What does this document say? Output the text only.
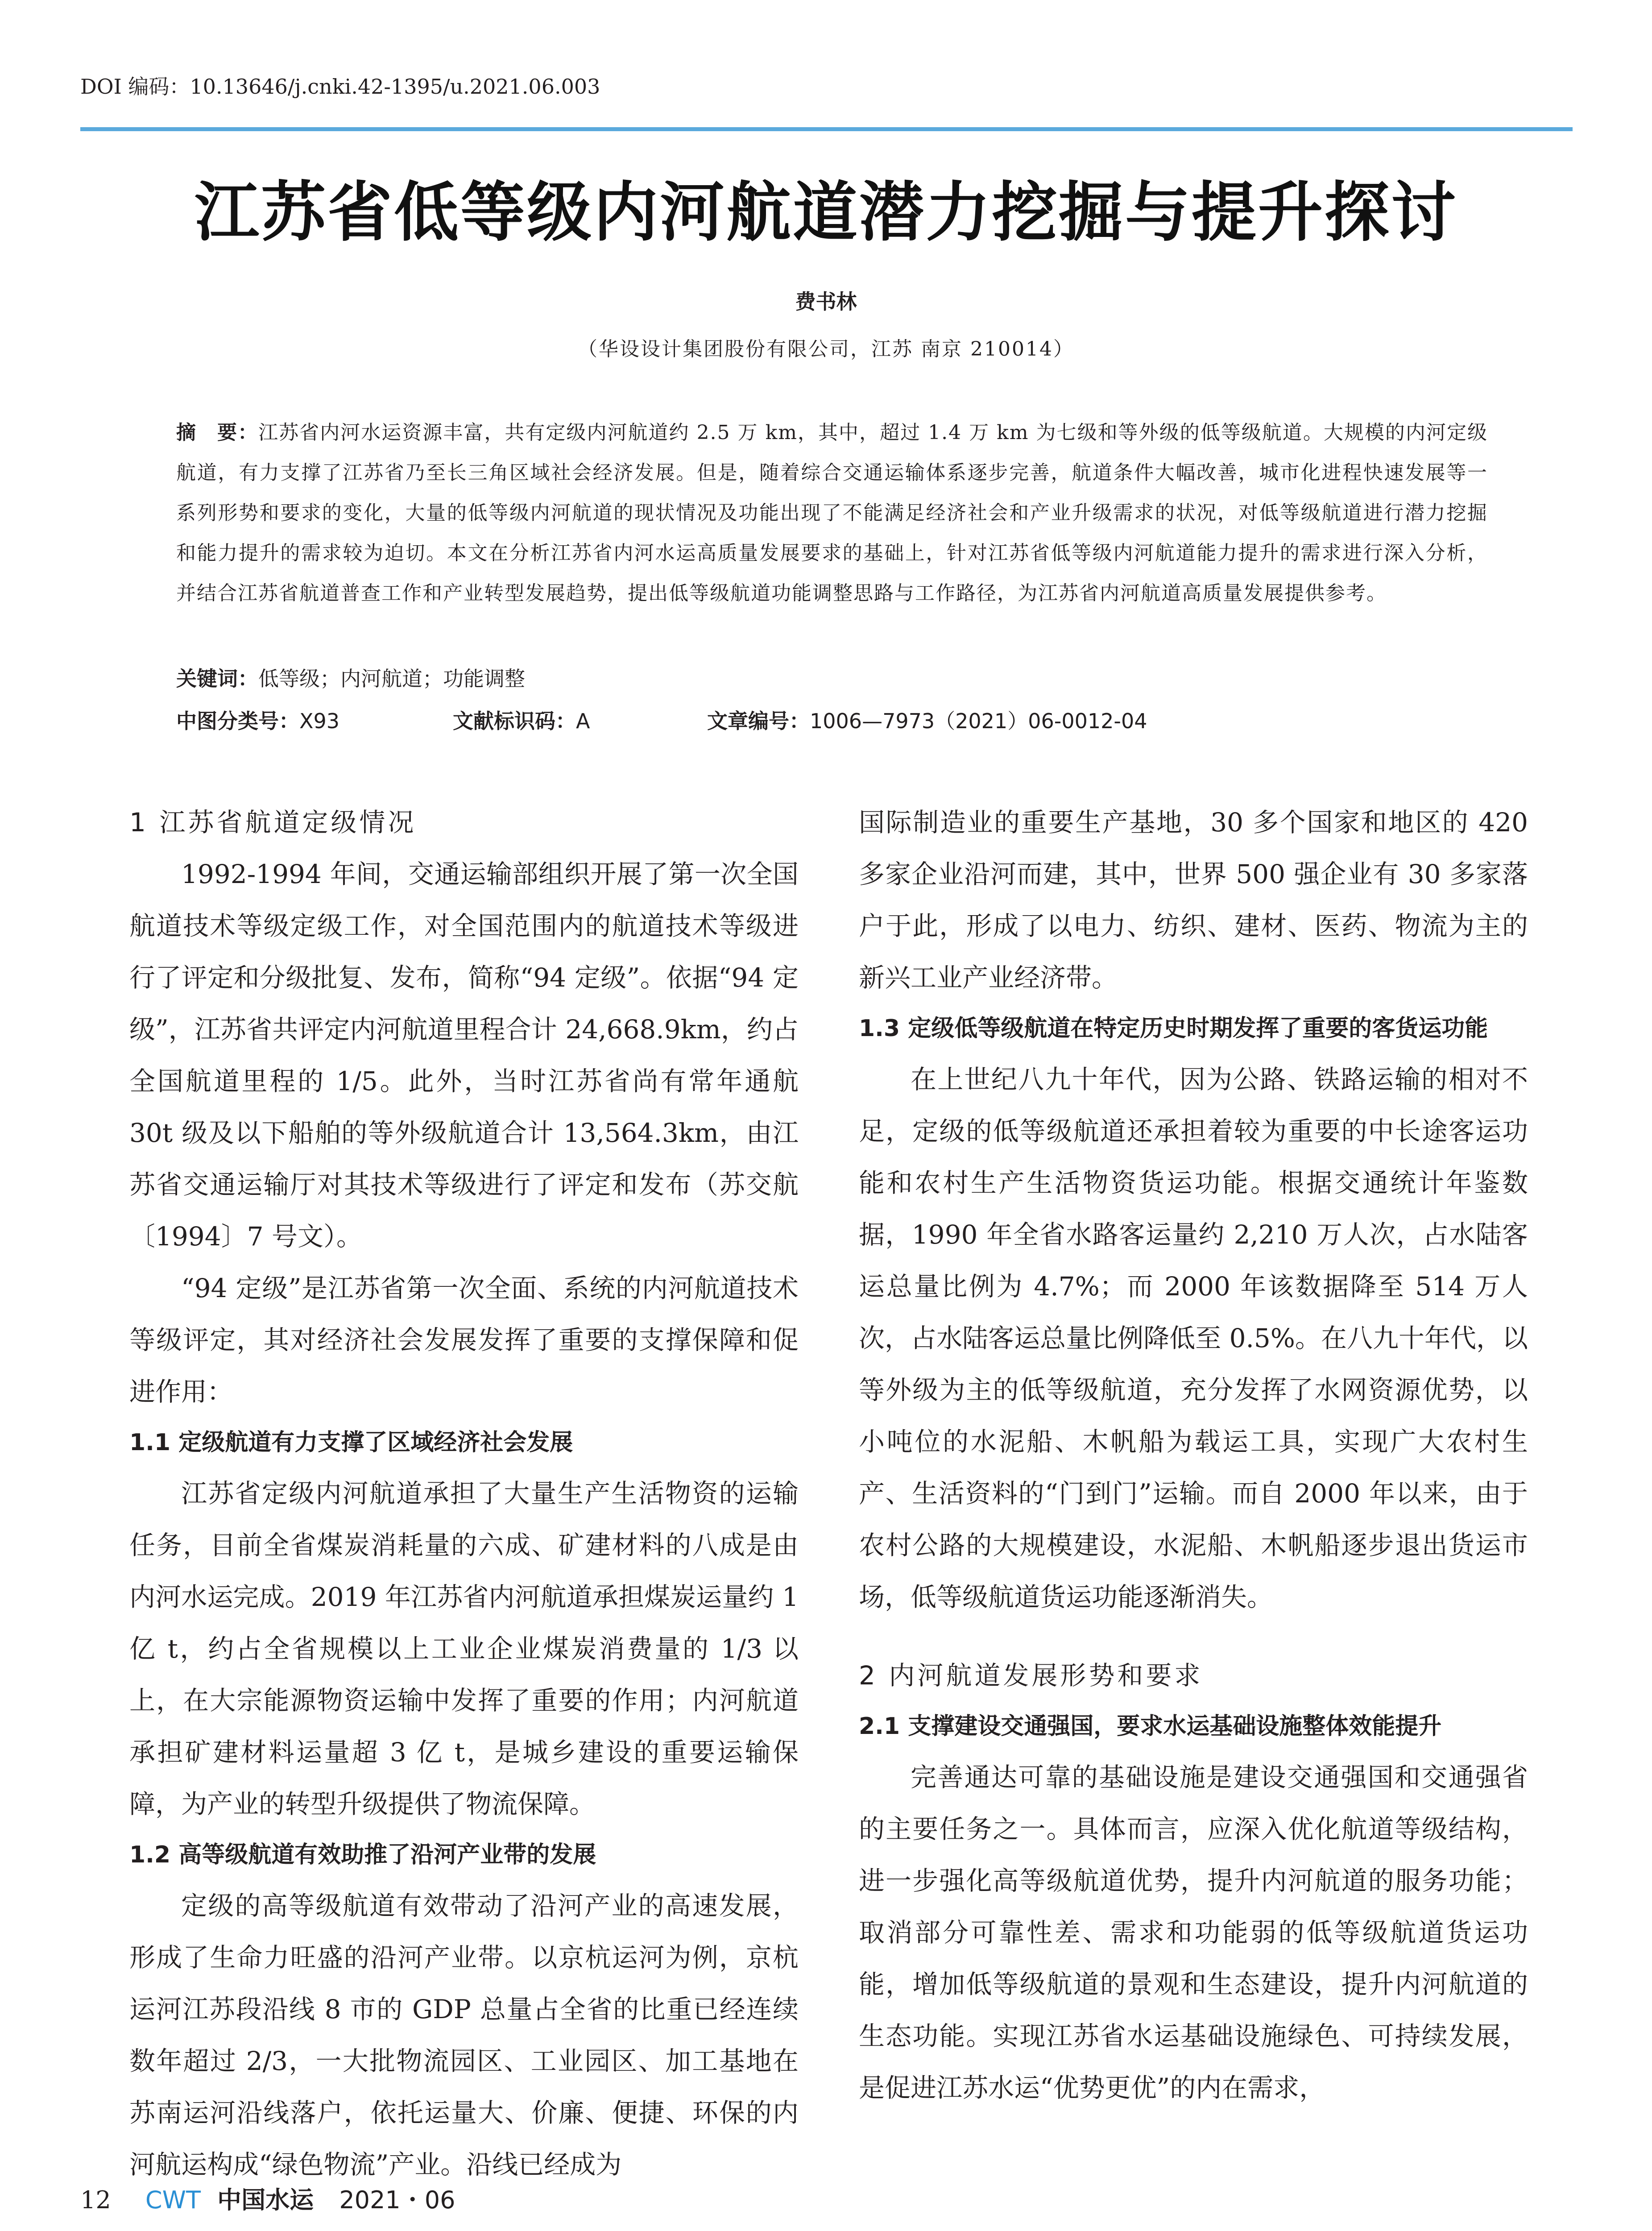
DOI 编码：10.13646/j.cnki.42-1395/u.2021.06.003
江苏省低等级内河航道潜力挖掘与提升探讨
费书林
（华设设计集团股份有限公司，江苏 南京 210014）
摘　要：江苏省内河水运资源丰富，共有定级内河航道约 2.5 万 km，其中，超过 1.4 万 km 为七级和等外级的低等级航道。大规模的内河定级航道，有力支撑了江苏省乃至长三角区域社会经济发展。但是，随着综合交通运输体系逐步完善，航道条件大幅改善，城市化进程快速发展等一系列形势和要求的变化，大量的低等级内河航道的现状情况及功能出现了不能满足经济社会和产业升级需求的状况，对低等级航道进行潜力挖掘和能力提升的需求较为迫切。本文在分析江苏省内河水运高质量发展要求的基础上，针对江苏省低等级内河航道能力提升的需求进行深入分析，并结合江苏省航道普查工作和产业转型发展趋势，提出低等级航道功能调整思路与工作路径，为江苏省内河航道高质量发展提供参考。
关键词：低等级；内河航道；功能调整
中图分类号：X93	文献标识码：A	文章编号：1006—7973（2021）06-0012-04
1 江苏省航道定级情况

1992-1994 年间，交通运输部组织开展了第一次全国航道技术等级定级工作，对全国范围内的航道技术等级进行了评定和分级批复、发布，简称“94 定级”。依据“94 定级”，江苏省共评定内河航道里程合计 24,668.9km，约占全国航道里程的 1/5。此外，当时江苏省尚有常年通航 30t 级及以下船舶的等外级航道合计 13,564.3km，由江苏省交通运输厅对其技术等级进行了评定和发布（苏交航〔1994〕7 号文）。

“94 定级”是江苏省第一次全面、系统的内河航道技术等级评定，其对经济社会发展发挥了重要的支撑保障和促进作用：

1.1 定级航道有力支撑了区域经济社会发展

江苏省定级内河航道承担了大量生产生活物资的运输任务，目前全省煤炭消耗量的六成、矿建材料的八成是由内河水运完成。2019 年江苏省内河航道承担煤炭运量约 1 亿 t，约占全省规模以上工业企业煤炭消费量的 1/3 以上，在大宗能源物资运输中发挥了重要的作用；内河航道承担矿建材料运量超 3 亿 t，是城乡建设的重要运输保障，为产业的转型升级提供了物流保障。

1.2 高等级航道有效助推了沿河产业带的发展

定级的高等级航道有效带动了沿河产业的高速发展，形成了生命力旺盛的沿河产业带。以京杭运河为例，京杭运河江苏段沿线 8 市的 GDP 总量占全省的比重已经连续数年超过 2/3，一大批物流园区、工业园区、加工基地在苏南运河沿线落户，依托运量大、价廉、便捷、环保的内河航运构成“绿色物流”产业。沿线已经成为

国际制造业的重要生产基地，30 多个国家和地区的 420 多家企业沿河而建，其中，世界 500 强企业有 30 多家落户于此，形成了以电力、纺织、建材、医药、物流为主的新兴工业产业经济带。

1.3 定级低等级航道在特定历史时期发挥了重要的客货运功能

在上世纪八九十年代，因为公路、铁路运输的相对不足，定级的低等级航道还承担着较为重要的中长途客运功能和农村生产生活物资货运功能。根据交通统计年鉴数据，1990 年全省水路客运量约 2,210 万人次，占水陆客运总量比例为 4.7%；而 2000 年该数据降至 514 万人次，占水陆客运总量比例降低至 0.5%。在八九十年代，以等外级为主的低等级航道，充分发挥了水网资源优势，以小吨位的水泥船、木帆船为载运工具，实现广大农村生产、生活资料的“门到门”运输。而自 2000 年以来，由于农村公路的大规模建设，水泥船、木帆船逐步退出货运市场，低等级航道货运功能逐渐消失。

2 内河航道发展形势和要求
2.1 支撑建设交通强国，要求水运基础设施整体效能提升

完善通达可靠的基础设施是建设交通强国和交通强省的主要任务之一。具体而言，应深入优化航道等级结构，进一步强化高等级航道优势，提升内河航道的服务功能；取消部分可靠性差、需求和功能弱的低等级航道货运功能，增加低等级航道的景观和生态建设，提升内河航道的生态功能。实现江苏省水运基础设施绿色、可持续发展，是促进江苏水运“优势更优”的内在需求，

12 CWT 中国水运 2021・06
